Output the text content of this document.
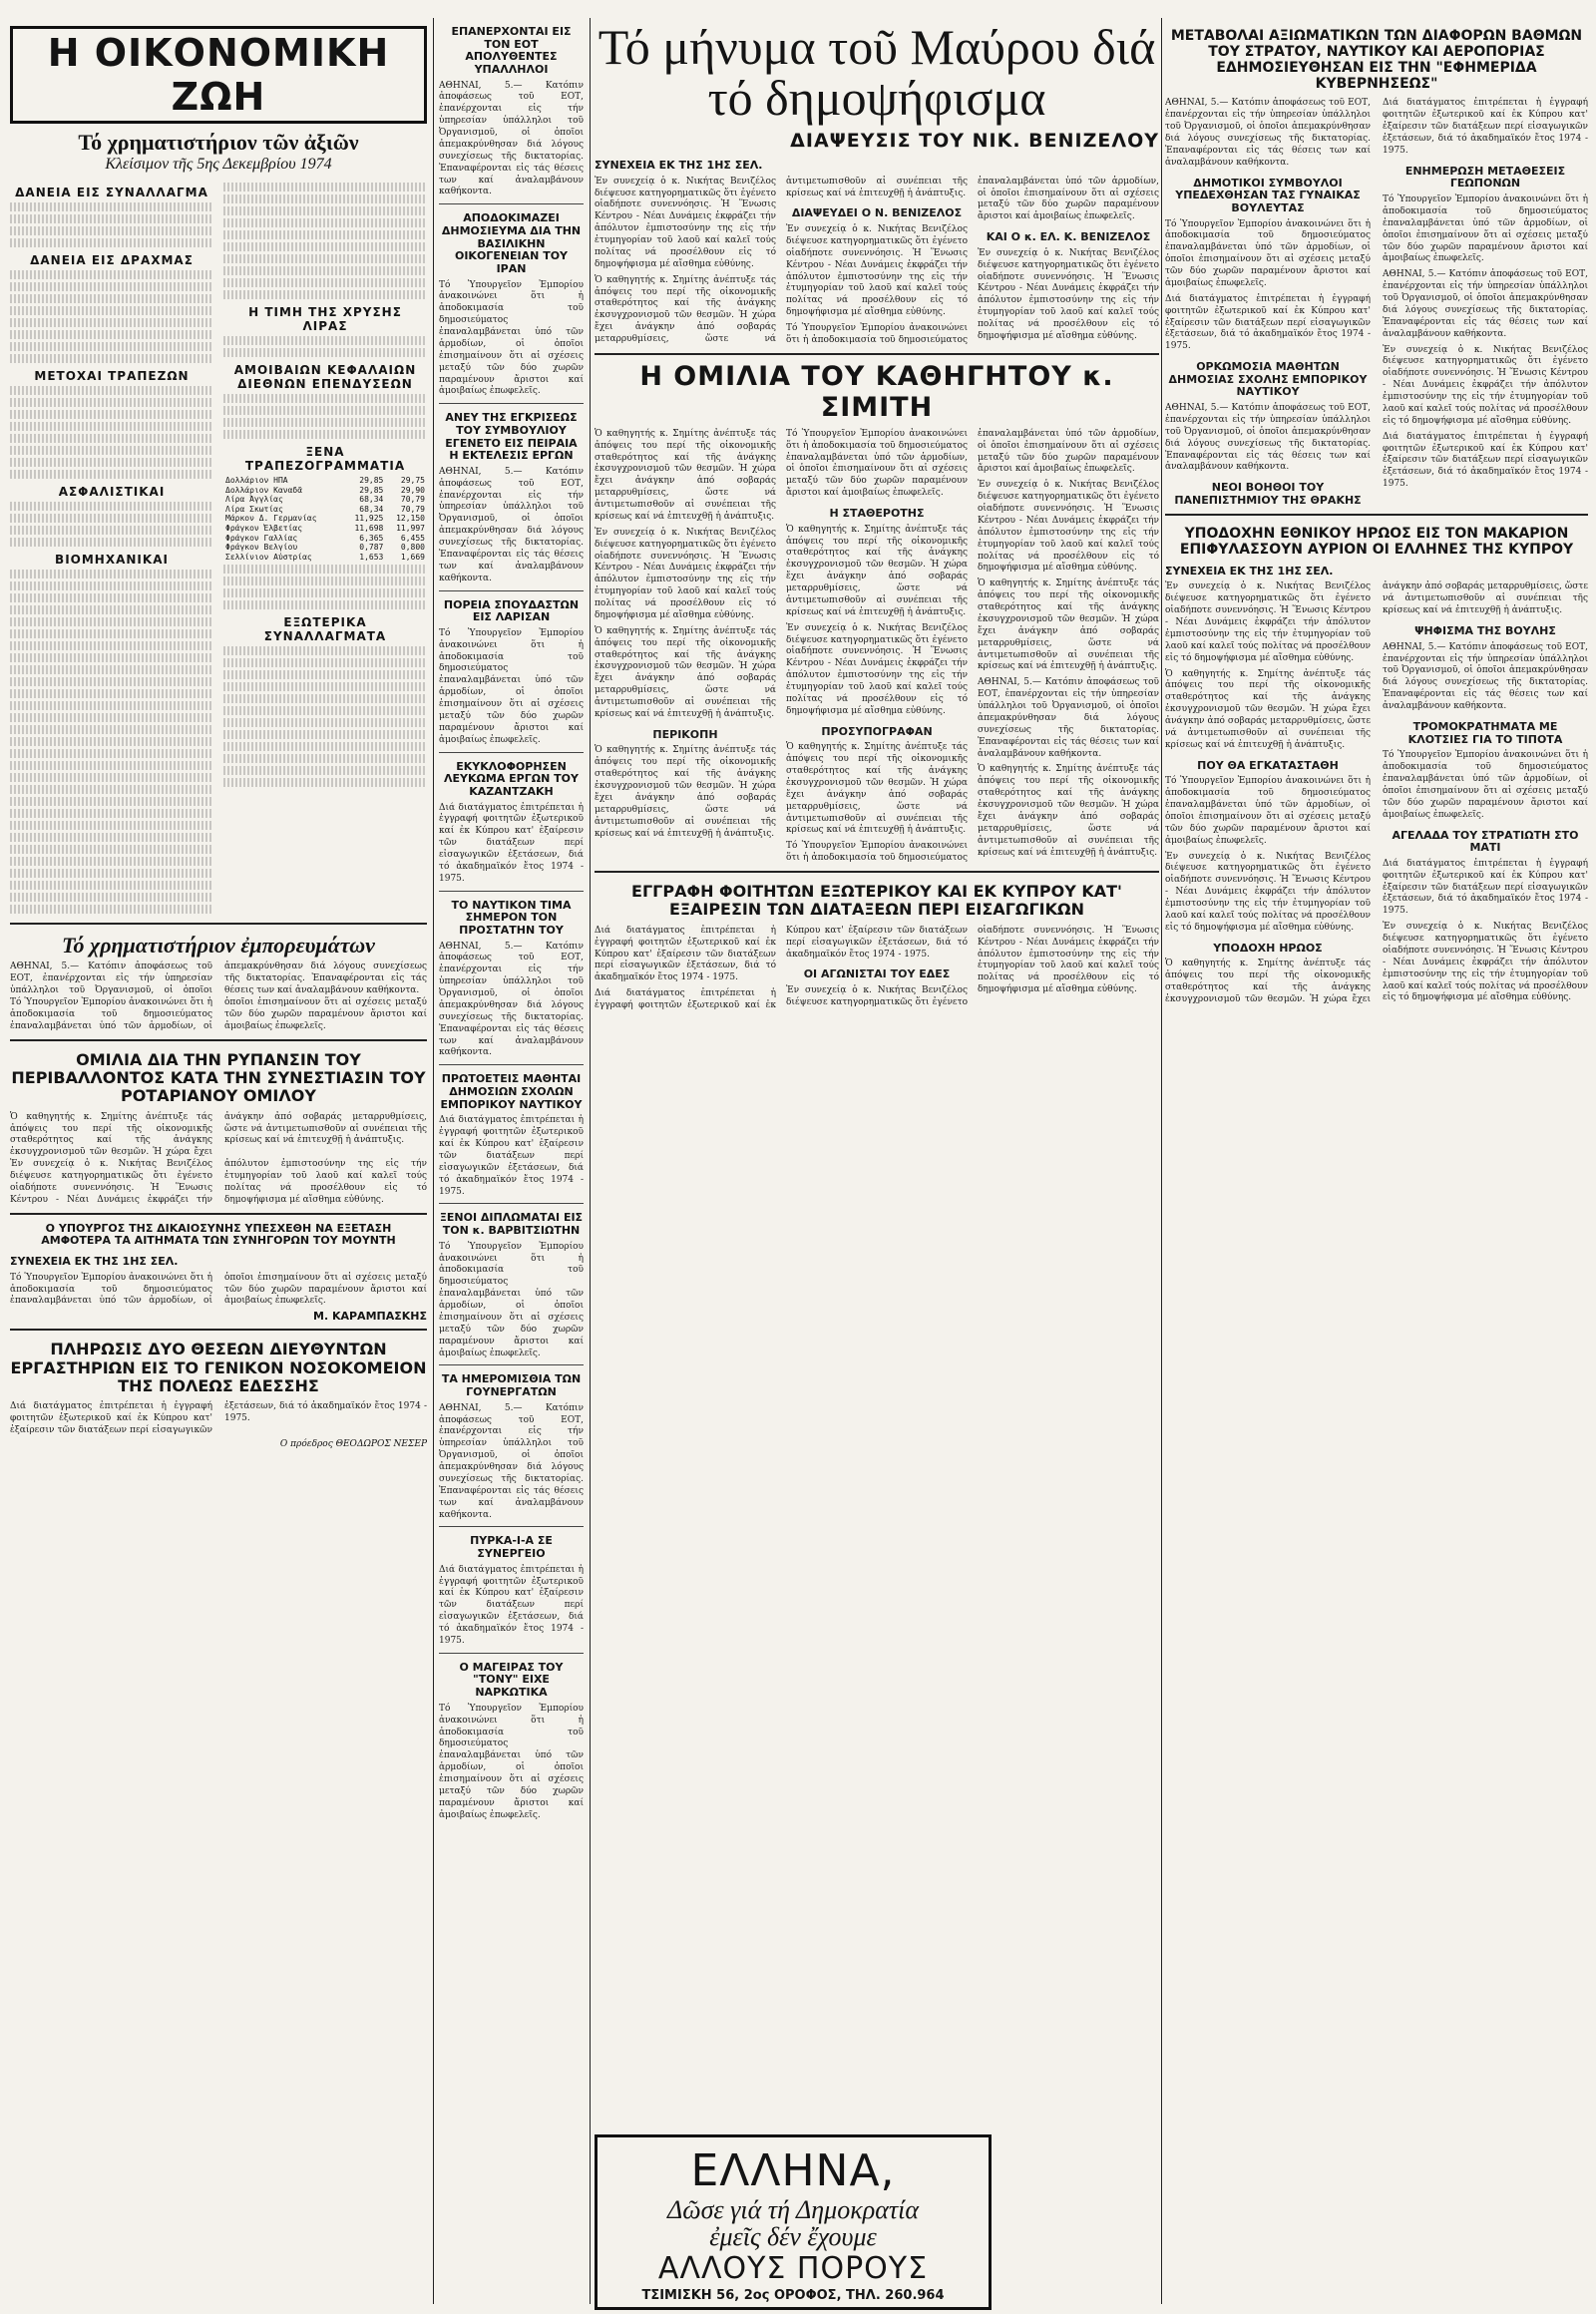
Η ΟΙΚΟΝΟΜΙΚΗ ΖΩΗ
Τό χρηματιστήριον τῶν ἀξιῶν
Κλείσιμον τῆς 5ης Δεκεμβρίου 1974
ΔΑΝΕΙΑ ΕΙΣ ΣΥΝΑΛΛΑΓΜΑ
ΔΑΝΕΙΑ ΕΙΣ ΔΡΑΧΜΑΣ
ΜΕΤΟΧΑΙ ΤΡΑΠΕΖΩΝ
ΑΣΦΑΛΙΣΤΙΚΑΙ
ΒΙΟΜΗΧΑΝΙΚΑΙ
Η ΤΙΜΗ ΤΗΣ ΧΡΥΣΗΣ ΛΙΡΑΣ
ΑΜΟΙΒΑΙΩΝ ΚΕΦΑΛΑΙΩΝ ΔΙΕΘΝΩΝ ΕΠΕΝΔΥΣΕΩΝ
ΞΕΝΑ ΤΡΑΠΕΖΟΓΡΑΜΜΑΤΙΑ
Δολλάριον ΗΠΑ	29,85	29,75
Δολλάριον Καναδᾶ	29,85	29,90
Λίρα Ἀγγλίας	68,34	70,79
Λίρα Σκωτίας	68,34	70,79
Μάρκον Δ. Γερμανίας	11,925	12,150
Φράγκον Ἑλβετίας	11,698	11,997
Φράγκον Γαλλίας	6,365	6,455
Φράγκον Βελγίου	0,787	0,800
Σελλίνιον Αὐστρίας	1,653	1,669
ΕΞΩΤΕΡΙΚΑ ΣΥΝΑΛΛΑΓΜΑΤΑ
Τό χρηματιστήριον ἐμπορευμάτων
ΑΘΗΝΑΙ, 5.— Κατόπιν ἀποφάσεως τοῦ ΕΟΤ, ἐπανέρχονται εἰς τήν ὑπηρεσίαν ὑπάλληλοι τοῦ Ὀργανισμοῦ, οἱ ὁποῖοι ἀπεμακρύνθησαν διά λόγους συνεχίσεως τῆς δικτατορίας. Ἐπαναφέρονται εἰς τάς θέσεις των καί ἀναλαμβάνουν καθήκοντα.
Τό Ὑπουργεῖον Ἐμπορίου ἀνακοινώνει ὅτι ἡ ἀποδοκιμασία τοῦ δημοσιεύματος ἐπαναλαμβάνεται ὑπό τῶν ἁρμοδίων, οἱ ὁποῖοι ἐπισημαίνουν ὅτι αἱ σχέσεις μεταξύ τῶν δύο χωρῶν παραμένουν ἄριστοι καί ἀμοιβαίως ἐπωφελεῖς.
ΟΜΙΛΙΑ ΔΙΑ ΤΗΝ ΡΥΠΑΝΣΙΝ ΤΟΥ ΠΕΡΙΒΑΛΛΟΝΤΟΣ ΚΑΤΑ ΤΗΝ ΣΥΝΕΣΤΙΑΣΙΝ ΤΟΥ ΡΟΤΑΡΙΑΝΟΥ ΟΜΙΛΟΥ
Ὁ καθηγητής κ. Σημίτης ἀνέπτυξε τάς ἀπόψεις του περί τῆς οἰκονομικῆς σταθερότητος καί τῆς ἀνάγκης ἐκσυγχρονισμοῦ τῶν θεσμῶν. Ἡ χώρα ἔχει ἀνάγκην ἀπό σοβαράς μεταρρυθμίσεις, ὥστε νά ἀντιμετωπισθοῦν αἱ συνέπειαι τῆς κρίσεως καί νά ἐπιτευχθῇ ἡ ἀνάπτυξις.
Ἐν συνεχείᾳ ὁ κ. Νικήτας Βενιζέλος διέψευσε κατηγορηματικῶς ὅτι ἐγένετο οἱαδήποτε συνεννόησις. Ἡ Ἕνωσις Κέντρου - Νέαι Δυνάμεις ἐκφράζει τήν ἀπόλυτον ἐμπιστοσύνην της εἰς τήν ἐτυμηγορίαν τοῦ λαοῦ καί καλεῖ τούς πολίτας νά προσέλθουν εἰς τό δημοψήφισμα μέ αἴσθημα εὐθύνης.
Ο ΥΠΟΥΡΓΟΣ ΤΗΣ ΔΙΚΑΙΟΣΥΝΗΣ ΥΠΕΣΧΕΘΗ ΝΑ ΕΞΕΤΑΣΗ ΑΜΦΟΤΕΡΑ ΤΑ ΑΙΤΗΜΑΤΑ ΤΩΝ ΣΥΝΗΓΟΡΩΝ ΤΟΥ ΜΟΥΝΤΗ
ΣΥΝΕΧΕΙΑ ΕΚ ΤΗΣ 1ΗΣ ΣΕΛ.
Τό Ὑπουργεῖον Ἐμπορίου ἀνακοινώνει ὅτι ἡ ἀποδοκιμασία τοῦ δημοσιεύματος ἐπαναλαμβάνεται ὑπό τῶν ἁρμοδίων, οἱ ὁποῖοι ἐπισημαίνουν ὅτι αἱ σχέσεις μεταξύ τῶν δύο χωρῶν παραμένουν ἄριστοι καί ἀμοιβαίως ἐπωφελεῖς.
Μ. ΚΑΡΑΜΠΑΣΚΗΣ
ΠΛΗΡΩΣΙΣ ΔΥΟ ΘΕΣΕΩΝ ΔΙΕΥΘΥΝΤΩΝ ΕΡΓΑΣΤΗΡΙΩΝ ΕΙΣ ΤΟ ΓΕΝΙΚΟΝ ΝΟΣΟΚΟΜΕΙΟΝ ΤΗΣ ΠΟΛΕΩΣ ΕΔΕΣΣΗΣ
Διά διατάγματος ἐπιτρέπεται ἡ ἐγγραφή φοιτητῶν ἐξωτερικοῦ καί ἐκ Κύπρου κατ' ἐξαίρεσιν τῶν διατάξεων περί εἰσαγωγικῶν ἐξετάσεων, διά τό ἀκαδημαϊκόν ἔτος 1974 - 1975.
Ο πρόεδρος ΘΕΟΔΩΡΟΣ ΝΕΣΕΡ
ΕΠΑΝΕΡΧΟΝΤΑΙ ΕΙΣ ΤΟΝ ΕΟΤ ΑΠΟΛΥΘΕΝΤΕΣ ΥΠΑΛΛΗΛΟΙ
ΑΘΗΝΑΙ, 5.— Κατόπιν ἀποφάσεως τοῦ ΕΟΤ, ἐπανέρχονται εἰς τήν ὑπηρεσίαν ὑπάλληλοι τοῦ Ὀργανισμοῦ, οἱ ὁποῖοι ἀπεμακρύνθησαν διά λόγους συνεχίσεως τῆς δικτατορίας. Ἐπαναφέρονται εἰς τάς θέσεις των καί ἀναλαμβάνουν καθήκοντα.
ΑΠΟΔΟΚΙΜΑΖΕΙ ΔΗΜΟΣΙΕΥΜΑ ΔΙΑ ΤΗΝ ΒΑΣΙΛΙΚΗΝ ΟΙΚΟΓΕΝΕΙΑΝ ΤΟΥ ΙΡΑΝ
Τό Ὑπουργεῖον Ἐμπορίου ἀνακοινώνει ὅτι ἡ ἀποδοκιμασία τοῦ δημοσιεύματος ἐπαναλαμβάνεται ὑπό τῶν ἁρμοδίων, οἱ ὁποῖοι ἐπισημαίνουν ὅτι αἱ σχέσεις μεταξύ τῶν δύο χωρῶν παραμένουν ἄριστοι καί ἀμοιβαίως ἐπωφελεῖς.
ΑΝΕΥ ΤΗΣ ΕΓΚΡΙΣΕΩΣ ΤΟΥ ΣΥΜΒΟΥΛΙΟΥ ΕΓΕΝΕΤΟ ΕΙΣ ΠΕΙΡΑΙΑ Η ΕΚΤΕΛΕΣΙΣ ΕΡΓΩΝ
ΑΘΗΝΑΙ, 5.— Κατόπιν ἀποφάσεως τοῦ ΕΟΤ, ἐπανέρχονται εἰς τήν ὑπηρεσίαν ὑπάλληλοι τοῦ Ὀργανισμοῦ, οἱ ὁποῖοι ἀπεμακρύνθησαν διά λόγους συνεχίσεως τῆς δικτατορίας. Ἐπαναφέρονται εἰς τάς θέσεις των καί ἀναλαμβάνουν καθήκοντα.
ΠΟΡΕΙΑ ΣΠΟΥΔΑΣΤΩΝ ΕΙΣ ΛΑΡΙΣΑΝ
Τό Ὑπουργεῖον Ἐμπορίου ἀνακοινώνει ὅτι ἡ ἀποδοκιμασία τοῦ δημοσιεύματος ἐπαναλαμβάνεται ὑπό τῶν ἁρμοδίων, οἱ ὁποῖοι ἐπισημαίνουν ὅτι αἱ σχέσεις μεταξύ τῶν δύο χωρῶν παραμένουν ἄριστοι καί ἀμοιβαίως ἐπωφελεῖς.
ΕΚΥΚΛΟΦΟΡΗΣΕΝ ΛΕΥΚΩΜΑ ΕΡΓΩΝ ΤΟΥ ΚΑΖΑΝΤΖΑΚΗ
Διά διατάγματος ἐπιτρέπεται ἡ ἐγγραφή φοιτητῶν ἐξωτερικοῦ καί ἐκ Κύπρου κατ' ἐξαίρεσιν τῶν διατάξεων περί εἰσαγωγικῶν ἐξετάσεων, διά τό ἀκαδημαϊκόν ἔτος 1974 - 1975.
ΤΟ ΝΑΥΤΙΚΟΝ ΤΙΜΑ ΣΗΜΕΡΟΝ ΤΟΝ ΠΡΟΣΤΑΤΗΝ ΤΟΥ
ΑΘΗΝΑΙ, 5.— Κατόπιν ἀποφάσεως τοῦ ΕΟΤ, ἐπανέρχονται εἰς τήν ὑπηρεσίαν ὑπάλληλοι τοῦ Ὀργανισμοῦ, οἱ ὁποῖοι ἀπεμακρύνθησαν διά λόγους συνεχίσεως τῆς δικτατορίας. Ἐπαναφέρονται εἰς τάς θέσεις των καί ἀναλαμβάνουν καθήκοντα.
ΠΡΩΤΟΕΤΕΙΣ ΜΑΘΗΤΑΙ ΔΗΜΟΣΙΩΝ ΣΧΟΛΩΝ ΕΜΠΟΡΙΚΟΥ ΝΑΥΤΙΚΟΥ
Διά διατάγματος ἐπιτρέπεται ἡ ἐγγραφή φοιτητῶν ἐξωτερικοῦ καί ἐκ Κύπρου κατ' ἐξαίρεσιν τῶν διατάξεων περί εἰσαγωγικῶν ἐξετάσεων, διά τό ἀκαδημαϊκόν ἔτος 1974 - 1975.
ΞΕΝΟΙ ΔΙΠΛΩΜΑΤΑΙ ΕΙΣ ΤΟΝ κ. ΒΑΡΒΙΤΣΙΩΤΗΝ
Τό Ὑπουργεῖον Ἐμπορίου ἀνακοινώνει ὅτι ἡ ἀποδοκιμασία τοῦ δημοσιεύματος ἐπαναλαμβάνεται ὑπό τῶν ἁρμοδίων, οἱ ὁποῖοι ἐπισημαίνουν ὅτι αἱ σχέσεις μεταξύ τῶν δύο χωρῶν παραμένουν ἄριστοι καί ἀμοιβαίως ἐπωφελεῖς.
ΤΑ ΗΜΕΡΟΜΙΣΘΙΑ ΤΩΝ ΓΟΥΝΕΡΓΑΤΩΝ
ΑΘΗΝΑΙ, 5.— Κατόπιν ἀποφάσεως τοῦ ΕΟΤ, ἐπανέρχονται εἰς τήν ὑπηρεσίαν ὑπάλληλοι τοῦ Ὀργανισμοῦ, οἱ ὁποῖοι ἀπεμακρύνθησαν διά λόγους συνεχίσεως τῆς δικτατορίας. Ἐπαναφέρονται εἰς τάς θέσεις των καί ἀναλαμβάνουν καθήκοντα.
ΠΥΡΚΑ-Ι-Α ΣΕ ΣΥΝΕΡΓΕΙΟ
Διά διατάγματος ἐπιτρέπεται ἡ ἐγγραφή φοιτητῶν ἐξωτερικοῦ καί ἐκ Κύπρου κατ' ἐξαίρεσιν τῶν διατάξεων περί εἰσαγωγικῶν ἐξετάσεων, διά τό ἀκαδημαϊκόν ἔτος 1974 - 1975.
Ο ΜΑΓΕΙΡΑΣ ΤΟΥ "TONY" ΕΙΧΕ ΝΑΡΚΩΤΙΚΑ
Τό Ὑπουργεῖον Ἐμπορίου ἀνακοινώνει ὅτι ἡ ἀποδοκιμασία τοῦ δημοσιεύματος ἐπαναλαμβάνεται ὑπό τῶν ἁρμοδίων, οἱ ὁποῖοι ἐπισημαίνουν ὅτι αἱ σχέσεις μεταξύ τῶν δύο χωρῶν παραμένουν ἄριστοι καί ἀμοιβαίως ἐπωφελεῖς.
Τό μήνυμα τοῦ Μαύρου διά τό δημοψήφισμα
ΔΙΑΨΕΥΣΙΣ ΤΟΥ ΝΙΚ. ΒΕΝΙΖΕΛΟΥ
ΣΥΝΕΧΕΙΑ ΕΚ ΤΗΣ 1ΗΣ ΣΕΛ.
Ἐν συνεχείᾳ ὁ κ. Νικήτας Βενιζέλος διέψευσε κατηγορηματικῶς ὅτι ἐγένετο οἱαδήποτε συνεννόησις. Ἡ Ἕνωσις Κέντρου - Νέαι Δυνάμεις ἐκφράζει τήν ἀπόλυτον ἐμπιστοσύνην της εἰς τήν ἐτυμηγορίαν τοῦ λαοῦ καί καλεῖ τούς πολίτας νά προσέλθουν εἰς τό δημοψήφισμα μέ αἴσθημα εὐθύνης.
Ὁ καθηγητής κ. Σημίτης ἀνέπτυξε τάς ἀπόψεις του περί τῆς οἰκονομικῆς σταθερότητος καί τῆς ἀνάγκης ἐκσυγχρονισμοῦ τῶν θεσμῶν. Ἡ χώρα ἔχει ἀνάγκην ἀπό σοβαράς μεταρρυθμίσεις, ὥστε νά ἀντιμετωπισθοῦν αἱ συνέπειαι τῆς κρίσεως καί νά ἐπιτευχθῇ ἡ ἀνάπτυξις.
ΔΙΑΨΕΥΔΕΙ Ο Ν. ΒΕΝΙΖΕΛΟΣ
Ἐν συνεχείᾳ ὁ κ. Νικήτας Βενιζέλος διέψευσε κατηγορηματικῶς ὅτι ἐγένετο οἱαδήποτε συνεννόησις. Ἡ Ἕνωσις Κέντρου - Νέαι Δυνάμεις ἐκφράζει τήν ἀπόλυτον ἐμπιστοσύνην της εἰς τήν ἐτυμηγορίαν τοῦ λαοῦ καί καλεῖ τούς πολίτας νά προσέλθουν εἰς τό δημοψήφισμα μέ αἴσθημα εὐθύνης.
Τό Ὑπουργεῖον Ἐμπορίου ἀνακοινώνει ὅτι ἡ ἀποδοκιμασία τοῦ δημοσιεύματος ἐπαναλαμβάνεται ὑπό τῶν ἁρμοδίων, οἱ ὁποῖοι ἐπισημαίνουν ὅτι αἱ σχέσεις μεταξύ τῶν δύο χωρῶν παραμένουν ἄριστοι καί ἀμοιβαίως ἐπωφελεῖς.
ΚΑΙ Ο κ. ΕΛ. Κ. ΒΕΝΙΖΕΛΟΣ
Ἐν συνεχείᾳ ὁ κ. Νικήτας Βενιζέλος διέψευσε κατηγορηματικῶς ὅτι ἐγένετο οἱαδήποτε συνεννόησις. Ἡ Ἕνωσις Κέντρου - Νέαι Δυνάμεις ἐκφράζει τήν ἀπόλυτον ἐμπιστοσύνην της εἰς τήν ἐτυμηγορίαν τοῦ λαοῦ καί καλεῖ τούς πολίτας νά προσέλθουν εἰς τό δημοψήφισμα μέ αἴσθημα εὐθύνης.
Η ΟΜΙΛΙΑ ΤΟΥ ΚΑΘΗΓΗΤΟΥ κ. ΣΙΜΙΤΗ
Ὁ καθηγητής κ. Σημίτης ἀνέπτυξε τάς ἀπόψεις του περί τῆς οἰκονομικῆς σταθερότητος καί τῆς ἀνάγκης ἐκσυγχρονισμοῦ τῶν θεσμῶν. Ἡ χώρα ἔχει ἀνάγκην ἀπό σοβαράς μεταρρυθμίσεις, ὥστε νά ἀντιμετωπισθοῦν αἱ συνέπειαι τῆς κρίσεως καί νά ἐπιτευχθῇ ἡ ἀνάπτυξις.
Ἐν συνεχείᾳ ὁ κ. Νικήτας Βενιζέλος διέψευσε κατηγορηματικῶς ὅτι ἐγένετο οἱαδήποτε συνεννόησις. Ἡ Ἕνωσις Κέντρου - Νέαι Δυνάμεις ἐκφράζει τήν ἀπόλυτον ἐμπιστοσύνην της εἰς τήν ἐτυμηγορίαν τοῦ λαοῦ καί καλεῖ τούς πολίτας νά προσέλθουν εἰς τό δημοψήφισμα μέ αἴσθημα εὐθύνης.
Ὁ καθηγητής κ. Σημίτης ἀνέπτυξε τάς ἀπόψεις του περί τῆς οἰκονομικῆς σταθερότητος καί τῆς ἀνάγκης ἐκσυγχρονισμοῦ τῶν θεσμῶν. Ἡ χώρα ἔχει ἀνάγκην ἀπό σοβαράς μεταρρυθμίσεις, ὥστε νά ἀντιμετωπισθοῦν αἱ συνέπειαι τῆς κρίσεως καί νά ἐπιτευχθῇ ἡ ἀνάπτυξις.
ΠΕΡΙΚΟΠΗ
Ὁ καθηγητής κ. Σημίτης ἀνέπτυξε τάς ἀπόψεις του περί τῆς οἰκονομικῆς σταθερότητος καί τῆς ἀνάγκης ἐκσυγχρονισμοῦ τῶν θεσμῶν. Ἡ χώρα ἔχει ἀνάγκην ἀπό σοβαράς μεταρρυθμίσεις, ὥστε νά ἀντιμετωπισθοῦν αἱ συνέπειαι τῆς κρίσεως καί νά ἐπιτευχθῇ ἡ ἀνάπτυξις.
Τό Ὑπουργεῖον Ἐμπορίου ἀνακοινώνει ὅτι ἡ ἀποδοκιμασία τοῦ δημοσιεύματος ἐπαναλαμβάνεται ὑπό τῶν ἁρμοδίων, οἱ ὁποῖοι ἐπισημαίνουν ὅτι αἱ σχέσεις μεταξύ τῶν δύο χωρῶν παραμένουν ἄριστοι καί ἀμοιβαίως ἐπωφελεῖς.
Η ΣΤΑΘΕΡΟΤΗΣ
Ὁ καθηγητής κ. Σημίτης ἀνέπτυξε τάς ἀπόψεις του περί τῆς οἰκονομικῆς σταθερότητος καί τῆς ἀνάγκης ἐκσυγχρονισμοῦ τῶν θεσμῶν. Ἡ χώρα ἔχει ἀνάγκην ἀπό σοβαράς μεταρρυθμίσεις, ὥστε νά ἀντιμετωπισθοῦν αἱ συνέπειαι τῆς κρίσεως καί νά ἐπιτευχθῇ ἡ ἀνάπτυξις.
Ἐν συνεχείᾳ ὁ κ. Νικήτας Βενιζέλος διέψευσε κατηγορηματικῶς ὅτι ἐγένετο οἱαδήποτε συνεννόησις. Ἡ Ἕνωσις Κέντρου - Νέαι Δυνάμεις ἐκφράζει τήν ἀπόλυτον ἐμπιστοσύνην της εἰς τήν ἐτυμηγορίαν τοῦ λαοῦ καί καλεῖ τούς πολίτας νά προσέλθουν εἰς τό δημοψήφισμα μέ αἴσθημα εὐθύνης.
ΠΡΟΣΥΠΟΓΡΑΦΑΝ
Ὁ καθηγητής κ. Σημίτης ἀνέπτυξε τάς ἀπόψεις του περί τῆς οἰκονομικῆς σταθερότητος καί τῆς ἀνάγκης ἐκσυγχρονισμοῦ τῶν θεσμῶν. Ἡ χώρα ἔχει ἀνάγκην ἀπό σοβαράς μεταρρυθμίσεις, ὥστε νά ἀντιμετωπισθοῦν αἱ συνέπειαι τῆς κρίσεως καί νά ἐπιτευχθῇ ἡ ἀνάπτυξις.
Τό Ὑπουργεῖον Ἐμπορίου ἀνακοινώνει ὅτι ἡ ἀποδοκιμασία τοῦ δημοσιεύματος ἐπαναλαμβάνεται ὑπό τῶν ἁρμοδίων, οἱ ὁποῖοι ἐπισημαίνουν ὅτι αἱ σχέσεις μεταξύ τῶν δύο χωρῶν παραμένουν ἄριστοι καί ἀμοιβαίως ἐπωφελεῖς.
Ἐν συνεχείᾳ ὁ κ. Νικήτας Βενιζέλος διέψευσε κατηγορηματικῶς ὅτι ἐγένετο οἱαδήποτε συνεννόησις. Ἡ Ἕνωσις Κέντρου - Νέαι Δυνάμεις ἐκφράζει τήν ἀπόλυτον ἐμπιστοσύνην της εἰς τήν ἐτυμηγορίαν τοῦ λαοῦ καί καλεῖ τούς πολίτας νά προσέλθουν εἰς τό δημοψήφισμα μέ αἴσθημα εὐθύνης.
Ὁ καθηγητής κ. Σημίτης ἀνέπτυξε τάς ἀπόψεις του περί τῆς οἰκονομικῆς σταθερότητος καί τῆς ἀνάγκης ἐκσυγχρονισμοῦ τῶν θεσμῶν. Ἡ χώρα ἔχει ἀνάγκην ἀπό σοβαράς μεταρρυθμίσεις, ὥστε νά ἀντιμετωπισθοῦν αἱ συνέπειαι τῆς κρίσεως καί νά ἐπιτευχθῇ ἡ ἀνάπτυξις.
ΑΘΗΝΑΙ, 5.— Κατόπιν ἀποφάσεως τοῦ ΕΟΤ, ἐπανέρχονται εἰς τήν ὑπηρεσίαν ὑπάλληλοι τοῦ Ὀργανισμοῦ, οἱ ὁποῖοι ἀπεμακρύνθησαν διά λόγους συνεχίσεως τῆς δικτατορίας. Ἐπαναφέρονται εἰς τάς θέσεις των καί ἀναλαμβάνουν καθήκοντα.
Ὁ καθηγητής κ. Σημίτης ἀνέπτυξε τάς ἀπόψεις του περί τῆς οἰκονομικῆς σταθερότητος καί τῆς ἀνάγκης ἐκσυγχρονισμοῦ τῶν θεσμῶν. Ἡ χώρα ἔχει ἀνάγκην ἀπό σοβαράς μεταρρυθμίσεις, ὥστε νά ἀντιμετωπισθοῦν αἱ συνέπειαι τῆς κρίσεως καί νά ἐπιτευχθῇ ἡ ἀνάπτυξις.
ΕΓΓΡΑΦΗ ΦΟΙΤΗΤΩΝ ΕΞΩΤΕΡΙΚΟΥ ΚΑΙ ΕΚ ΚΥΠΡΟΥ ΚΑΤ' ΕΞΑΙΡΕΣΙΝ ΤΩΝ ΔΙΑΤΑΞΕΩΝ ΠΕΡΙ ΕΙΣΑΓΩΓΙΚΩΝ
Διά διατάγματος ἐπιτρέπεται ἡ ἐγγραφή φοιτητῶν ἐξωτερικοῦ καί ἐκ Κύπρου κατ' ἐξαίρεσιν τῶν διατάξεων περί εἰσαγωγικῶν ἐξετάσεων, διά τό ἀκαδημαϊκόν ἔτος 1974 - 1975.
Διά διατάγματος ἐπιτρέπεται ἡ ἐγγραφή φοιτητῶν ἐξωτερικοῦ καί ἐκ Κύπρου κατ' ἐξαίρεσιν τῶν διατάξεων περί εἰσαγωγικῶν ἐξετάσεων, διά τό ἀκαδημαϊκόν ἔτος 1974 - 1975.
ΟΙ ΑΓΩΝΙΣΤΑΙ ΤΟΥ ΕΔΕΣ
Ἐν συνεχείᾳ ὁ κ. Νικήτας Βενιζέλος διέψευσε κατηγορηματικῶς ὅτι ἐγένετο οἱαδήποτε συνεννόησις. Ἡ Ἕνωσις Κέντρου - Νέαι Δυνάμεις ἐκφράζει τήν ἀπόλυτον ἐμπιστοσύνην της εἰς τήν ἐτυμηγορίαν τοῦ λαοῦ καί καλεῖ τούς πολίτας νά προσέλθουν εἰς τό δημοψήφισμα μέ αἴσθημα εὐθύνης.
ΕΛΛΗΝΑ,
Δῶσε γιά τή Δημοκρατία
ἐμεῖς δέν ἔχουμε
ΑΛΛΟΥΣ ΠΟΡΟΥΣ
ΤΣΙΜΙΣΚΗ 56, 2ος ΟΡΟΦΟΣ, ΤΗΛ. 260.964
ΜΕΤΑΒΟΛΑΙ ΑΞΙΩΜΑΤΙΚΩΝ ΤΩΝ ΔΙΑΦΟΡΩΝ ΒΑΘΜΩΝ ΤΟΥ ΣΤΡΑΤΟΥ, ΝΑΥΤΙΚΟΥ ΚΑΙ ΑΕΡΟΠΟΡΙΑΣ ΕΔΗΜΟΣΙΕΥΘΗΣΑΝ ΕΙΣ ΤΗΝ "ΕΦΗΜΕΡΙΔΑ ΚΥΒΕΡΝΗΣΕΩΣ"
ΑΘΗΝΑΙ, 5.— Κατόπιν ἀποφάσεως τοῦ ΕΟΤ, ἐπανέρχονται εἰς τήν ὑπηρεσίαν ὑπάλληλοι τοῦ Ὀργανισμοῦ, οἱ ὁποῖοι ἀπεμακρύνθησαν διά λόγους συνεχίσεως τῆς δικτατορίας. Ἐπαναφέρονται εἰς τάς θέσεις των καί ἀναλαμβάνουν καθήκοντα.
ΔΗΜΟΤΙΚΟΙ ΣΥΜΒΟΥΛΟΙ ΥΠΕΔΕΧΘΗΣΑΝ ΤΑΣ ΓΥΝΑΙΚΑΣ ΒΟΥΛΕΥΤΑΣ
Τό Ὑπουργεῖον Ἐμπορίου ἀνακοινώνει ὅτι ἡ ἀποδοκιμασία τοῦ δημοσιεύματος ἐπαναλαμβάνεται ὑπό τῶν ἁρμοδίων, οἱ ὁποῖοι ἐπισημαίνουν ὅτι αἱ σχέσεις μεταξύ τῶν δύο χωρῶν παραμένουν ἄριστοι καί ἀμοιβαίως ἐπωφελεῖς.
Διά διατάγματος ἐπιτρέπεται ἡ ἐγγραφή φοιτητῶν ἐξωτερικοῦ καί ἐκ Κύπρου κατ' ἐξαίρεσιν τῶν διατάξεων περί εἰσαγωγικῶν ἐξετάσεων, διά τό ἀκαδημαϊκόν ἔτος 1974 - 1975.
ΟΡΚΩΜΟΣΙΑ ΜΑΘΗΤΩΝ ΔΗΜΟΣΙΑΣ ΣΧΟΛΗΣ ΕΜΠΟΡΙΚΟΥ ΝΑΥΤΙΚΟΥ
ΑΘΗΝΑΙ, 5.— Κατόπιν ἀποφάσεως τοῦ ΕΟΤ, ἐπανέρχονται εἰς τήν ὑπηρεσίαν ὑπάλληλοι τοῦ Ὀργανισμοῦ, οἱ ὁποῖοι ἀπεμακρύνθησαν διά λόγους συνεχίσεως τῆς δικτατορίας. Ἐπαναφέρονται εἰς τάς θέσεις των καί ἀναλαμβάνουν καθήκοντα.
ΝΕΟΙ ΒΟΗΘΟΙ ΤΟΥ ΠΑΝΕΠΙΣΤΗΜΙΟΥ ΤΗΣ ΘΡΑΚΗΣ
Διά διατάγματος ἐπιτρέπεται ἡ ἐγγραφή φοιτητῶν ἐξωτερικοῦ καί ἐκ Κύπρου κατ' ἐξαίρεσιν τῶν διατάξεων περί εἰσαγωγικῶν ἐξετάσεων, διά τό ἀκαδημαϊκόν ἔτος 1974 - 1975.
ΕΝΗΜΕΡΩΣΗ ΜΕΤΑΘΕΣΕΙΣ ΓΕΩΠΟΝΩΝ
Τό Ὑπουργεῖον Ἐμπορίου ἀνακοινώνει ὅτι ἡ ἀποδοκιμασία τοῦ δημοσιεύματος ἐπαναλαμβάνεται ὑπό τῶν ἁρμοδίων, οἱ ὁποῖοι ἐπισημαίνουν ὅτι αἱ σχέσεις μεταξύ τῶν δύο χωρῶν παραμένουν ἄριστοι καί ἀμοιβαίως ἐπωφελεῖς.
ΑΘΗΝΑΙ, 5.— Κατόπιν ἀποφάσεως τοῦ ΕΟΤ, ἐπανέρχονται εἰς τήν ὑπηρεσίαν ὑπάλληλοι τοῦ Ὀργανισμοῦ, οἱ ὁποῖοι ἀπεμακρύνθησαν διά λόγους συνεχίσεως τῆς δικτατορίας. Ἐπαναφέρονται εἰς τάς θέσεις των καί ἀναλαμβάνουν καθήκοντα.
Ἐν συνεχείᾳ ὁ κ. Νικήτας Βενιζέλος διέψευσε κατηγορηματικῶς ὅτι ἐγένετο οἱαδήποτε συνεννόησις. Ἡ Ἕνωσις Κέντρου - Νέαι Δυνάμεις ἐκφράζει τήν ἀπόλυτον ἐμπιστοσύνην της εἰς τήν ἐτυμηγορίαν τοῦ λαοῦ καί καλεῖ τούς πολίτας νά προσέλθουν εἰς τό δημοψήφισμα μέ αἴσθημα εὐθύνης.
Διά διατάγματος ἐπιτρέπεται ἡ ἐγγραφή φοιτητῶν ἐξωτερικοῦ καί ἐκ Κύπρου κατ' ἐξαίρεσιν τῶν διατάξεων περί εἰσαγωγικῶν ἐξετάσεων, διά τό ἀκαδημαϊκόν ἔτος 1974 - 1975.
ΥΠΟΔΟΧΗΝ ΕΘΝΙΚΟΥ ΗΡΩΟΣ ΕΙΣ ΤΟΝ ΜΑΚΑΡΙΟΝ ΕΠΙΦΥΛΑΣΣΟΥΝ ΑΥΡΙΟΝ ΟΙ ΕΛΛΗΝΕΣ ΤΗΣ ΚΥΠΡΟΥ
ΣΥΝΕΧΕΙΑ ΕΚ ΤΗΣ 1ΗΣ ΣΕΛ.
Ἐν συνεχείᾳ ὁ κ. Νικήτας Βενιζέλος διέψευσε κατηγορηματικῶς ὅτι ἐγένετο οἱαδήποτε συνεννόησις. Ἡ Ἕνωσις Κέντρου - Νέαι Δυνάμεις ἐκφράζει τήν ἀπόλυτον ἐμπιστοσύνην της εἰς τήν ἐτυμηγορίαν τοῦ λαοῦ καί καλεῖ τούς πολίτας νά προσέλθουν εἰς τό δημοψήφισμα μέ αἴσθημα εὐθύνης.
Ὁ καθηγητής κ. Σημίτης ἀνέπτυξε τάς ἀπόψεις του περί τῆς οἰκονομικῆς σταθερότητος καί τῆς ἀνάγκης ἐκσυγχρονισμοῦ τῶν θεσμῶν. Ἡ χώρα ἔχει ἀνάγκην ἀπό σοβαράς μεταρρυθμίσεις, ὥστε νά ἀντιμετωπισθοῦν αἱ συνέπειαι τῆς κρίσεως καί νά ἐπιτευχθῇ ἡ ἀνάπτυξις.
ΠΟΥ ΘΑ ΕΓΚΑΤΑΣΤΑΘΗ
Τό Ὑπουργεῖον Ἐμπορίου ἀνακοινώνει ὅτι ἡ ἀποδοκιμασία τοῦ δημοσιεύματος ἐπαναλαμβάνεται ὑπό τῶν ἁρμοδίων, οἱ ὁποῖοι ἐπισημαίνουν ὅτι αἱ σχέσεις μεταξύ τῶν δύο χωρῶν παραμένουν ἄριστοι καί ἀμοιβαίως ἐπωφελεῖς.
Ἐν συνεχείᾳ ὁ κ. Νικήτας Βενιζέλος διέψευσε κατηγορηματικῶς ὅτι ἐγένετο οἱαδήποτε συνεννόησις. Ἡ Ἕνωσις Κέντρου - Νέαι Δυνάμεις ἐκφράζει τήν ἀπόλυτον ἐμπιστοσύνην της εἰς τήν ἐτυμηγορίαν τοῦ λαοῦ καί καλεῖ τούς πολίτας νά προσέλθουν εἰς τό δημοψήφισμα μέ αἴσθημα εὐθύνης.
ΥΠΟΔΟΧΗ ΗΡΩΟΣ
Ὁ καθηγητής κ. Σημίτης ἀνέπτυξε τάς ἀπόψεις του περί τῆς οἰκονομικῆς σταθερότητος καί τῆς ἀνάγκης ἐκσυγχρονισμοῦ τῶν θεσμῶν. Ἡ χώρα ἔχει ἀνάγκην ἀπό σοβαράς μεταρρυθμίσεις, ὥστε νά ἀντιμετωπισθοῦν αἱ συνέπειαι τῆς κρίσεως καί νά ἐπιτευχθῇ ἡ ἀνάπτυξις.
ΨΗΦΙΣΜΑ ΤΗΣ ΒΟΥΛΗΣ
ΑΘΗΝΑΙ, 5.— Κατόπιν ἀποφάσεως τοῦ ΕΟΤ, ἐπανέρχονται εἰς τήν ὑπηρεσίαν ὑπάλληλοι τοῦ Ὀργανισμοῦ, οἱ ὁποῖοι ἀπεμακρύνθησαν διά λόγους συνεχίσεως τῆς δικτατορίας. Ἐπαναφέρονται εἰς τάς θέσεις των καί ἀναλαμβάνουν καθήκοντα.
ΤΡΟΜΟΚΡΑΤΗΜΑΤΑ ΜΕ ΚΛΟΤΣΙΕΣ ΓΙΑ ΤΟ ΤΙΠΟΤΑ
Τό Ὑπουργεῖον Ἐμπορίου ἀνακοινώνει ὅτι ἡ ἀποδοκιμασία τοῦ δημοσιεύματος ἐπαναλαμβάνεται ὑπό τῶν ἁρμοδίων, οἱ ὁποῖοι ἐπισημαίνουν ὅτι αἱ σχέσεις μεταξύ τῶν δύο χωρῶν παραμένουν ἄριστοι καί ἀμοιβαίως ἐπωφελεῖς.
ΑΓΕΛΑΔΑ ΤΟΥ ΣΤΡΑΤΙΩΤΗ ΣΤΟ ΜΑΤΙ
Διά διατάγματος ἐπιτρέπεται ἡ ἐγγραφή φοιτητῶν ἐξωτερικοῦ καί ἐκ Κύπρου κατ' ἐξαίρεσιν τῶν διατάξεων περί εἰσαγωγικῶν ἐξετάσεων, διά τό ἀκαδημαϊκόν ἔτος 1974 - 1975.
Ἐν συνεχείᾳ ὁ κ. Νικήτας Βενιζέλος διέψευσε κατηγορηματικῶς ὅτι ἐγένετο οἱαδήποτε συνεννόησις. Ἡ Ἕνωσις Κέντρου - Νέαι Δυνάμεις ἐκφράζει τήν ἀπόλυτον ἐμπιστοσύνην της εἰς τήν ἐτυμηγορίαν τοῦ λαοῦ καί καλεῖ τούς πολίτας νά προσέλθουν εἰς τό δημοψήφισμα μέ αἴσθημα εὐθύνης.
